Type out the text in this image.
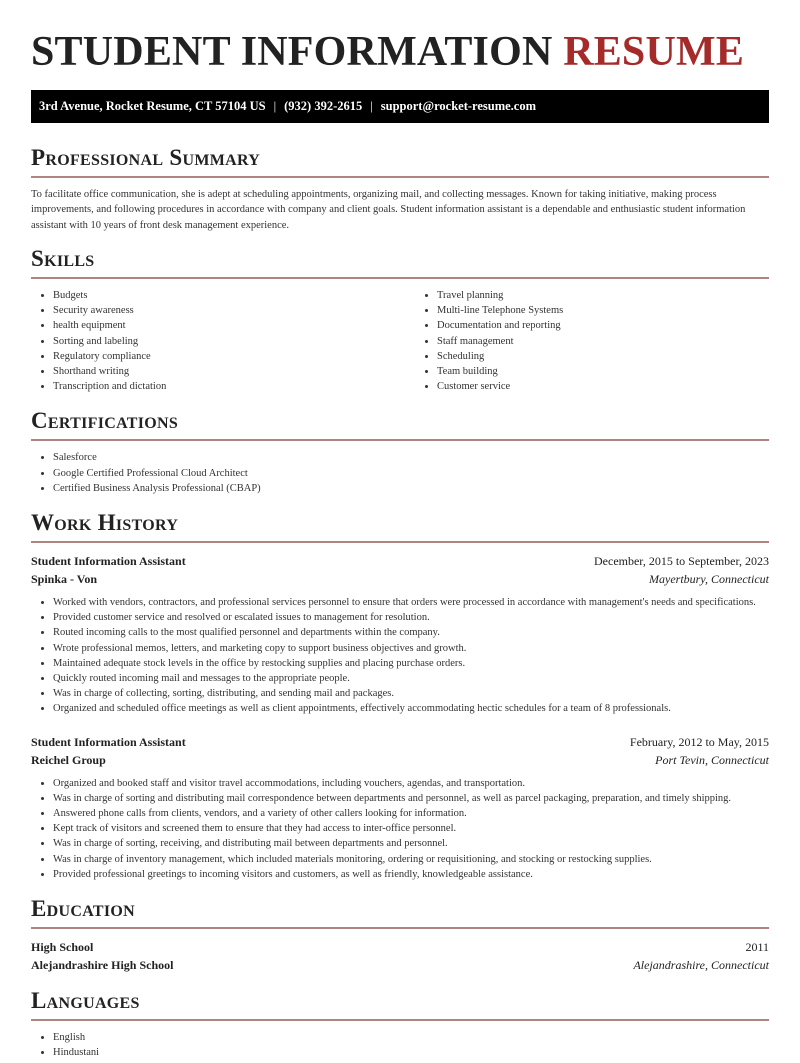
STUDENT INFORMATION RESUME
3rd Avenue, Rocket Resume, CT 57104 US | (932) 392-2615 | support@rocket-resume.com
Professional Summary

To facilitate office communication, she is adept at scheduling appointments, organizing mail, and collecting messages. Known for taking initiative, making process improvements, and following procedures in accordance with company and client goals. Student information assistant is a dependable and enthusiastic student information assistant with 10 years of front desk management experience.

Skills
• Budgets
• Security awareness
• health equipment
• Sorting and labeling
• Regulatory compliance
• Shorthand writing
• Transcription and dictation
• Travel planning
• Multi-line Telephone Systems
• Documentation and reporting
• Staff management
• Scheduling
• Team building
• Customer service
Certifications
• Salesforce
• Google Certified Professional Cloud Architect
• Certified Business Analysis Professional (CBAP)
Work History
Student Information Assistant	December, 2015 to September, 2023
Spinka - Von	Mayertbury, Connecticut
• Worked with vendors, contractors, and professional services personnel to ensure that orders were processed in accordance with management's needs and specifications.
• Provided customer service and resolved or escalated issues to management for resolution.
• Routed incoming calls to the most qualified personnel and departments within the company.
• Wrote professional memos, letters, and marketing copy to support business objectives and growth.
• Maintained adequate stock levels in the office by restocking supplies and placing purchase orders.
• Quickly routed incoming mail and messages to the appropriate people.
• Was in charge of collecting, sorting, distributing, and sending mail and packages.
• Organized and scheduled office meetings as well as client appointments, effectively accommodating hectic schedules for a team of 8 professionals.
Student Information Assistant	February, 2012 to May, 2015
Reichel Group	Port Tevin, Connecticut
• Organized and booked staff and visitor travel accommodations, including vouchers, agendas, and transportation.
• Was in charge of sorting and distributing mail correspondence between departments and personnel, as well as parcel packaging, preparation, and timely shipping.
• Answered phone calls from clients, vendors, and a variety of other callers looking for information.
• Kept track of visitors and screened them to ensure that they had access to inter-office personnel.
• Was in charge of sorting, receiving, and distributing mail between departments and personnel.
• Was in charge of inventory management, which included materials monitoring, ordering or requisitioning, and stocking or restocking supplies.
• Provided professional greetings to incoming visitors and customers, as well as friendly, knowledgeable assistance.
Education
High School	2011
Alejandrashire High School	Alejandrashire, Connecticut
Languages
• English
• Hindustani
